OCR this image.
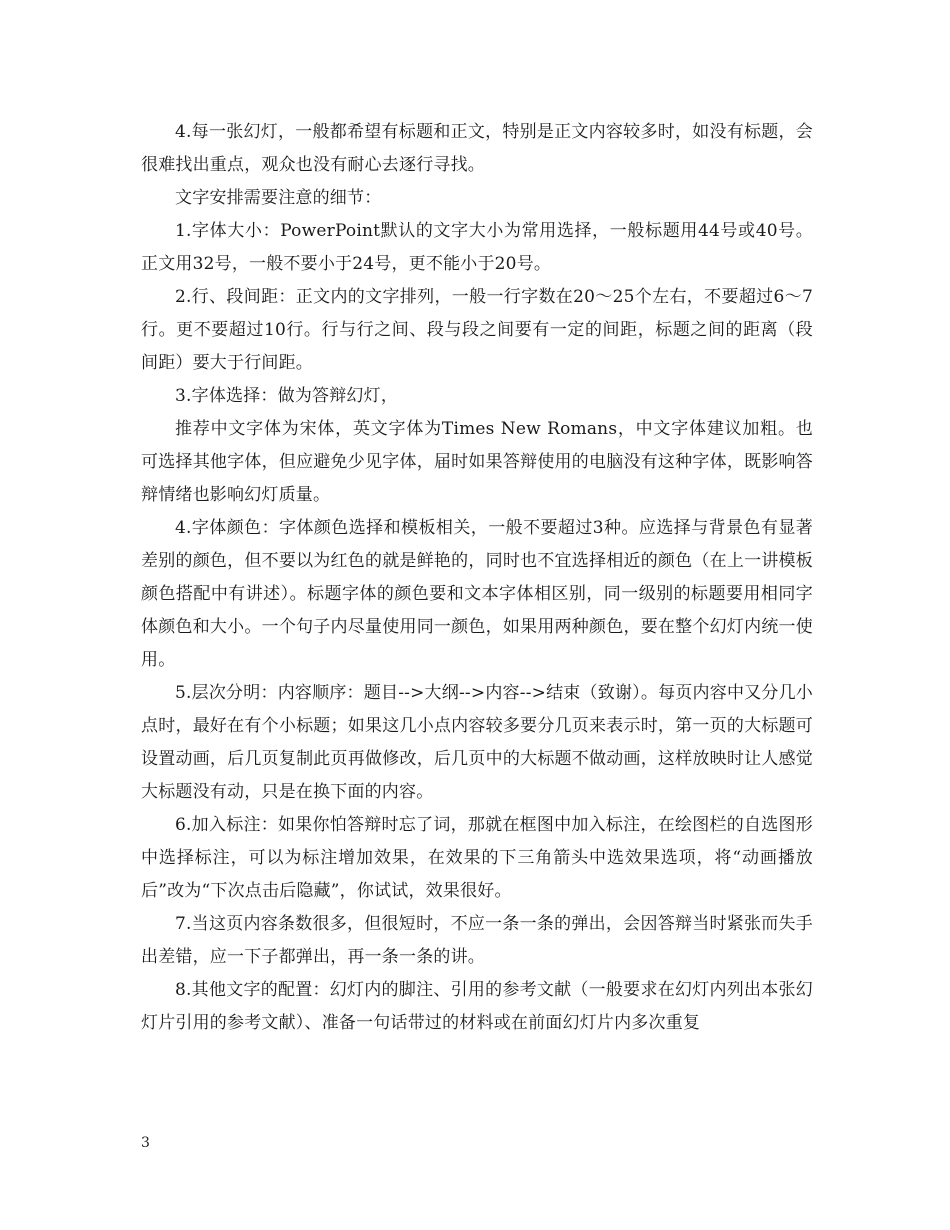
4.每一张幻灯，一般都希望有标题和正文，特别是正文内容较多时，如没有标题，会很难找出重点，观众也没有耐心去逐行寻找。

文字安排需要注意的细节：

1.字体大小：PowerPoint默认的文字大小为常用选择，一般标题用44号或40号。正文用32号，一般不要小于24号，更不能小于20号。

2.行、段间距：正文内的文字排列，一般一行字数在20～25个左右，不要超过6～7行。更不要超过10行。行与行之间、段与段之间要有一定的间距，标题之间的距离（段间距）要大于行间距。

3.字体选择：做为答辩幻灯，

推荐中文字体为宋体，英文字体为Times New Romans，中文字体建议加粗。也可选择其他字体，但应避免少见字体，届时如果答辩使用的电脑没有这种字体，既影响答辩情绪也影响幻灯质量。

4.字体颜色：字体颜色选择和模板相关，一般不要超过3种。应选择与背景色有显著差别的颜色，但不要以为红色的就是鲜艳的，同时也不宜选择相近的颜色（在上一讲模板颜色搭配中有讲述）。标题字体的颜色要和文本字体相区别，同一级别的标题要用相同字体颜色和大小。一个句子内尽量使用同一颜色，如果用两种颜色，要在整个幻灯内统一使用。

5.层次分明：内容顺序：题目-->大纲-->内容-->结束（致谢）。每页内容中又分几小点时，最好在有个小标题；如果这几小点内容较多要分几页来表示时，第一页的大标题可设置动画，后几页复制此页再做修改，后几页中的大标题不做动画，这样放映时让人感觉大标题没有动，只是在换下面的内容。

6.加入标注：如果你怕答辩时忘了词，那就在框图中加入标注，在绘图栏的自选图形中选择标注，可以为标注增加效果，在效果的下三角箭头中选效果选项，将“动画播放后”改为“下次点击后隐藏”，你试试，效果很好。

7.当这页内容条数很多，但很短时，不应一条一条的弹出，会因答辩当时紧张而失手出差错，应一下子都弹出，再一条一条的讲。

8.其他文字的配置：幻灯内的脚注、引用的参考文献（一般要求在幻灯内列出本张幻灯片引用的参考文献）、准备一句话带过的材料或在前面幻灯片内多次重复

3
